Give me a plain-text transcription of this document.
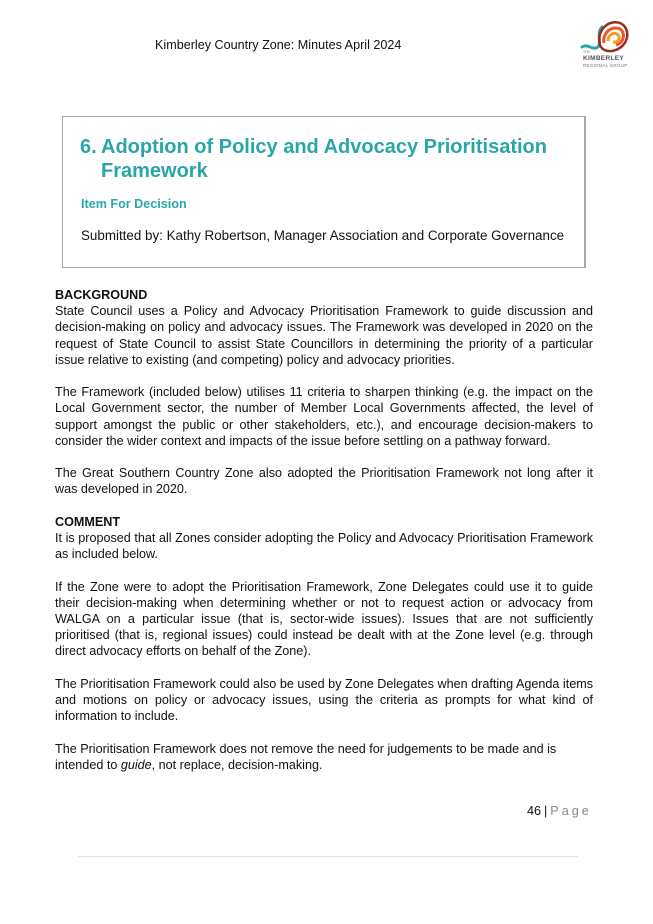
Kimberley Country Zone: Minutes April 2024	THE
KIMBERLEY
REGIONAL GROUP
6. Adoption of Policy and Advocacy Prioritisation
Framework
Item For Decision
Submitted by: Kathy Robertson, Manager Association and Corporate Governance
BACKGROUND

State Council uses a Policy and Advocacy Prioritisation Framework to guide discussion and decision-making on policy and advocacy issues. The Framework was developed in 2020 on the request of State Council to assist State Councillors in determining the priority of a particular issue relative to existing (and competing) policy and advocacy priorities.

The Framework (included below) utilises 11 criteria to sharpen thinking (e.g. the impact on the Local Government sector, the number of Member Local Governments affected, the level of support amongst the public or other stakeholders, etc.), and encourage decision-makers to consider the wider context and impacts of the issue before settling on a pathway forward.

The Great Southern Country Zone also adopted the Prioritisation Framework not long after it was developed in 2020.

COMMENT

It is proposed that all Zones consider adopting the Policy and Advocacy Prioritisation Framework as included below.

If the Zone were to adopt the Prioritisation Framework, Zone Delegates could use it to guide their decision-making when determining whether or not to request action or advocacy from WALGA on a particular issue (that is, sector-wide issues). Issues that are not sufficiently prioritised (that is, regional issues) could instead be dealt with at the Zone level (e.g. through direct advocacy efforts on behalf of the Zone).

The Prioritisation Framework could also be used by Zone Delegates when drafting Agenda items and motions on policy or advocacy issues, using the criteria as prompts for what kind of information to include.

The Prioritisation Framework does not remove the need for judgements to be made and is intended to guide, not replace, decision-making.

46 | Page
